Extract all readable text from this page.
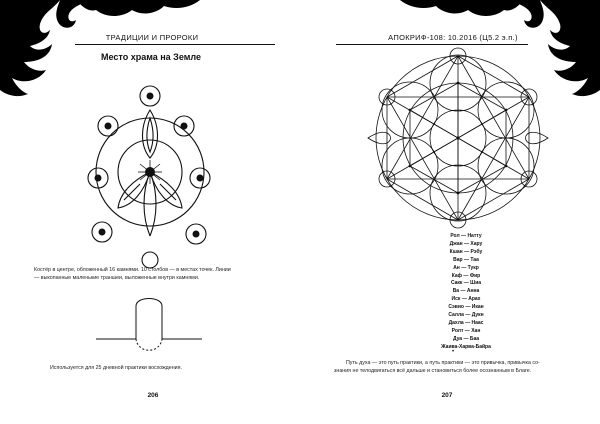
ТРАДИЦИИ И ПРОРОКИ	АПОКРИФ-108: 10.2016 (Ц5.2 э.п.)
Место храма на Земле
Костёр в центре, обложенный 16 камнями. 10 столбов — в местах точек. Линии
— выкопанные маленькие траншеи, выложенные внутри камнями.
Используется для 25 дневной практики восхождения.
206
Рол — Натту
Джан — Хару
Кшан — Рэбу
Вар — Таа
Ан — Тукр
Каф — Фир
Сакк — Шиа
Ва — Анна
Иск — Арах
Сэвио — Икан
Салла — Дукн
Дахла — Наас
Ролт — Хан
Дуа — Баа
Жаива-Харва-Байра
•
Путь духа — это путь практики, а путь практики — это привычка, привычка со-
знания не телодвигаться всё дальше и становиться более осознанным в Благе.
207
